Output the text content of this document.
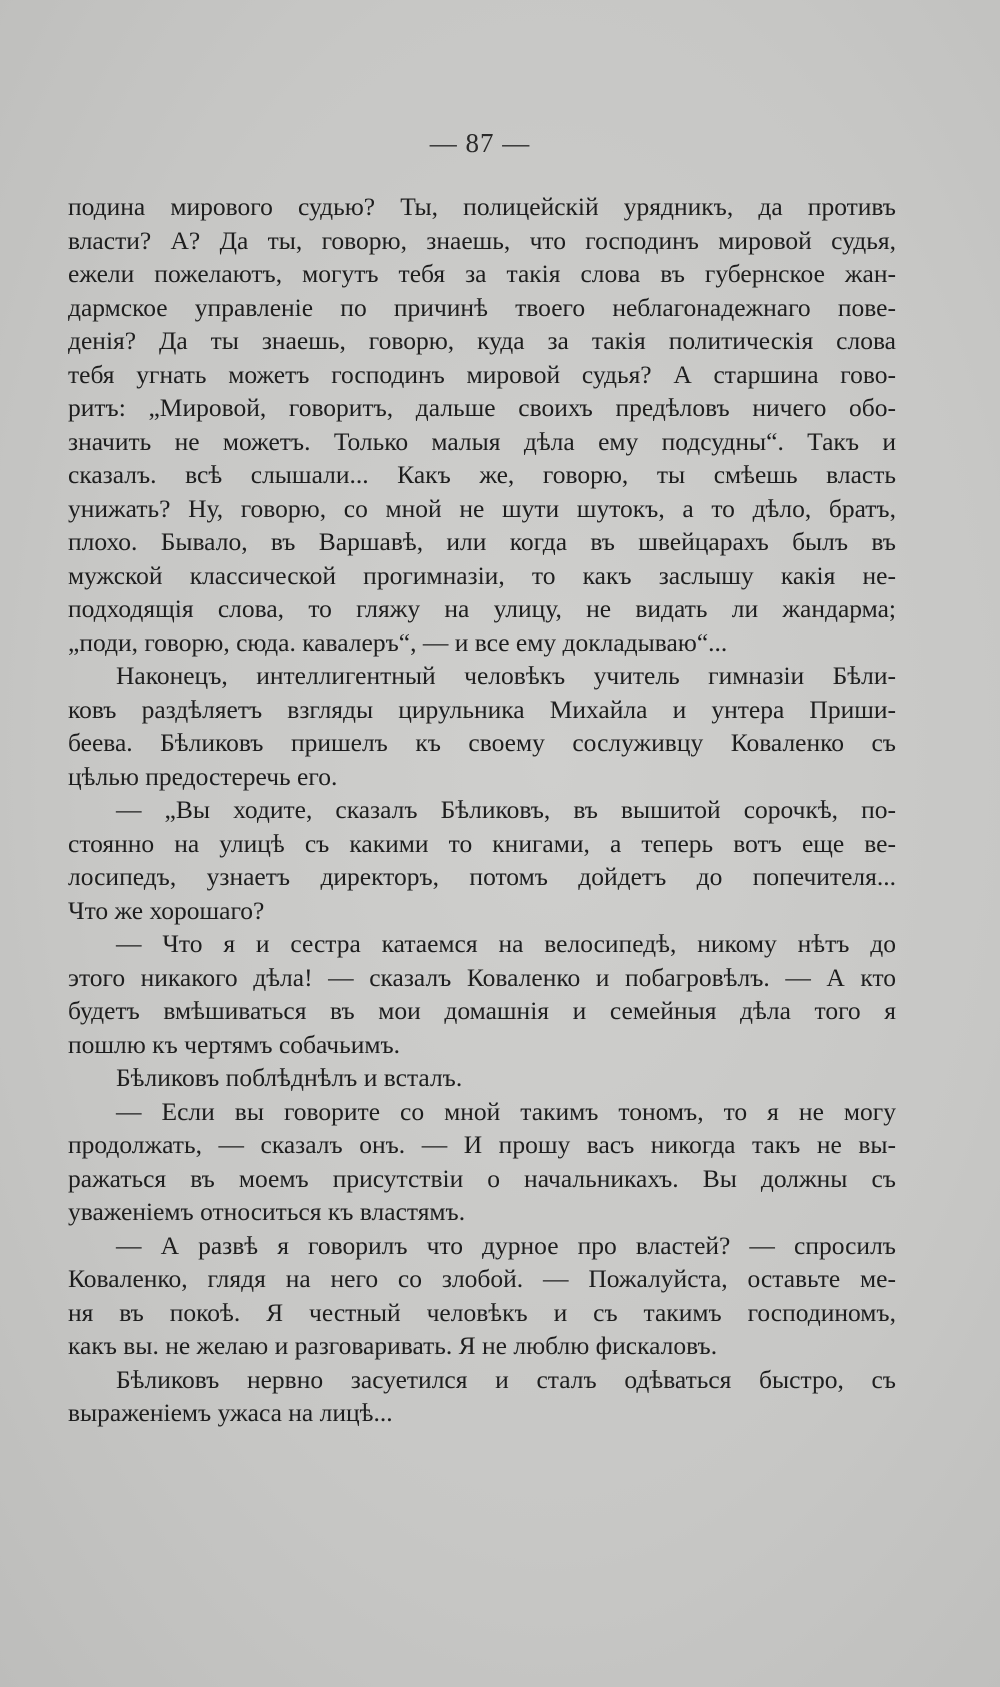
— 87 —
подина мирового судью? Ты, полицейскій урядникъ, да противъ
власти? А? Да ты, говорю, знаешь, что господинъ мировой судья,
ежели пожелаютъ, могутъ тебя за такія слова въ губернское жан-
дармское управленіе по причинѣ твоего неблагонадежнаго пове-
денія? Да ты знаешь, говорю, куда за такія политическія слова
тебя угнать можетъ господинъ мировой судья? А старшина гово-
ритъ: „Мировой, говоритъ, дальше своихъ предѣловъ ничего обо-
значить не можетъ. Только малыя дѣла ему подсудны“. Такъ и
сказалъ. всѣ слышали... Какъ же, говорю, ты смѣешь власть
унижать? Ну, говорю, со мной не шути шутокъ, а то дѣло, братъ,
плохо. Бывало, въ Варшавѣ, или когда въ швейцарахъ былъ въ
мужской классической прогимназіи, то какъ заслышу какія не-
подходящія слова, то гляжу на улицу, не видать ли жандарма;
„поди, говорю, сюда. кавалеръ“, — и все ему докладываю“...
Наконецъ, интеллигентный человѣкъ учитель гимназіи Бѣли-
ковъ раздѣляетъ взгляды цирульника Михайла и унтера Приши-
беева. Бѣликовъ пришелъ къ своему сослуживцу Коваленко съ
цѣлью предостеречь его.
— „Вы ходите, сказалъ Бѣликовъ, въ вышитой сорочкѣ, по-
стоянно на улицѣ съ какими то книгами, а теперь вотъ еще ве-
лосипедъ, узнаетъ директоръ, потомъ дойдетъ до попечителя...
Что же хорошаго?
— Что я и сестра катаемся на велосипедѣ, никому нѣтъ до
этого никакого дѣла! — сказалъ Коваленко и побагровѣлъ. — А кто
будетъ вмѣшиваться въ мои домашнія и семейныя дѣла того я
пошлю къ чертямъ собачьимъ.
Бѣликовъ поблѣднѣлъ и всталъ.
— Если вы говорите со мной такимъ тономъ, то я не могу
продолжать, — сказалъ онъ. — И прошу васъ никогда такъ не вы-
ражаться въ моемъ присутствіи о начальникахъ. Вы должны съ
уваженіемъ относиться къ властямъ.
— А развѣ я говорилъ что дурное про властей? — спросилъ
Коваленко, глядя на него со злобой. — Пожалуйста, оставьте ме-
ня въ покоѣ. Я честный человѣкъ и съ такимъ господиномъ,
какъ вы. не желаю и разговаривать. Я не люблю фискаловъ.
Бѣликовъ нервно засуетился и сталъ одѣваться быстро, съ
выраженіемъ ужаса на лицѣ...
